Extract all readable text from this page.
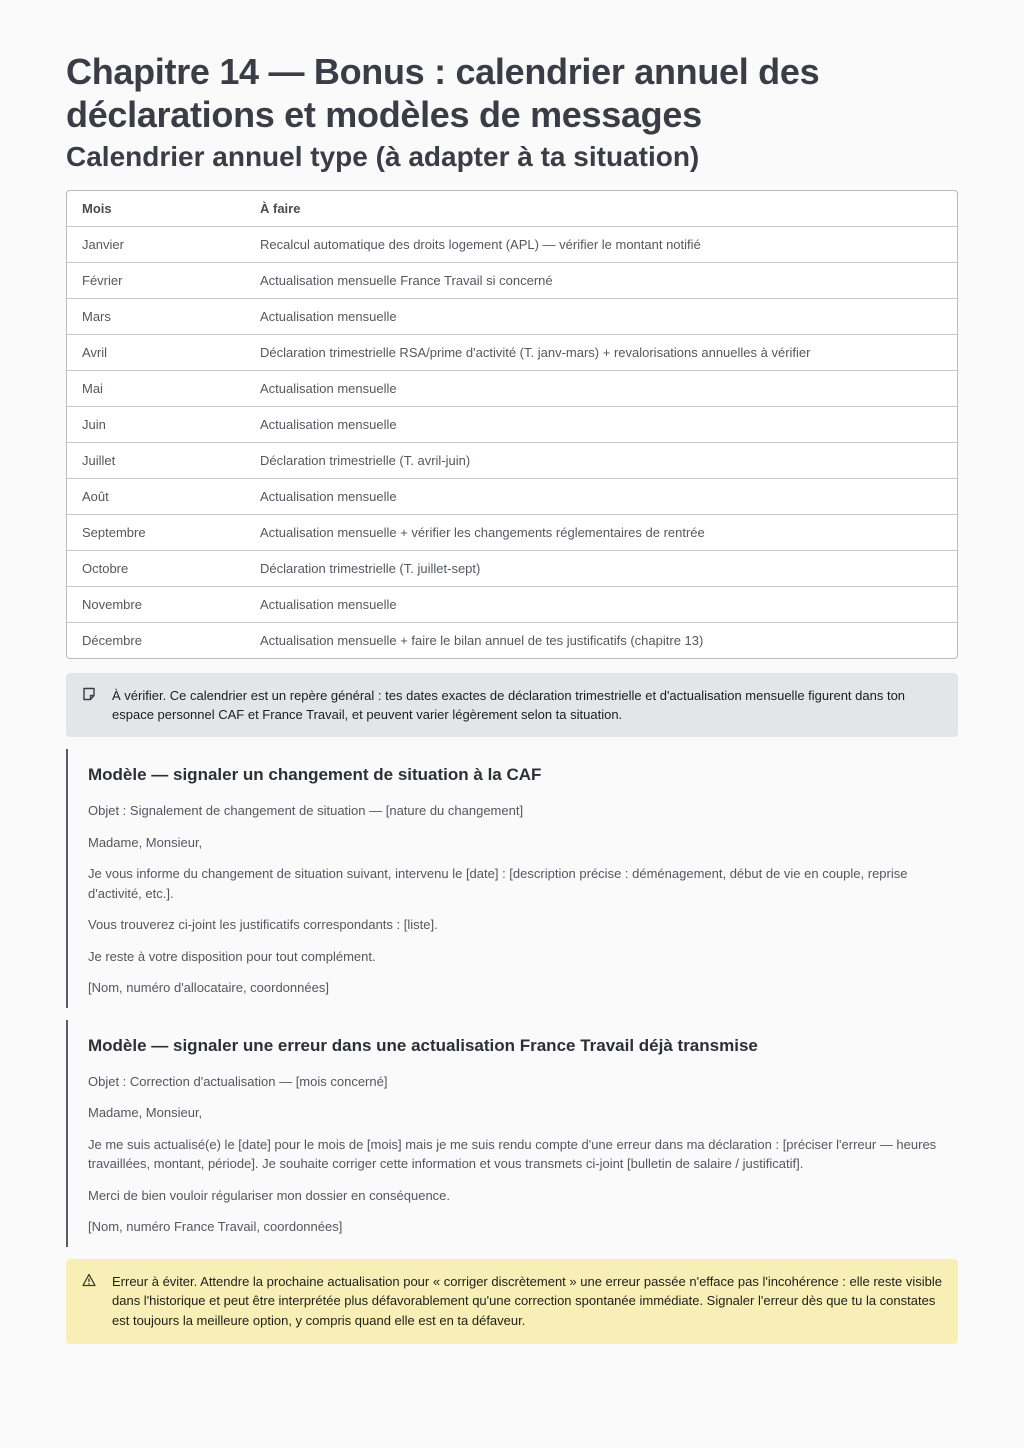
Chapitre 14 — Bonus : calendrier annuel des déclarations et modèles de messages
Calendrier annuel type (à adapter à ta situation)
Mois	À faire
Janvier	Recalcul automatique des droits logement (APL) — vérifier le montant notifié
Février	Actualisation mensuelle France Travail si concerné
Mars	Actualisation mensuelle
Avril	Déclaration trimestrielle RSA/prime d'activité (T. janv-mars) + revalorisations annuelles à vérifier
Mai	Actualisation mensuelle
Juin	Actualisation mensuelle
Juillet	Déclaration trimestrielle (T. avril-juin)
Août	Actualisation mensuelle
Septembre	Actualisation mensuelle + vérifier les changements réglementaires de rentrée
Octobre	Déclaration trimestrielle (T. juillet-sept)
Novembre	Actualisation mensuelle
Décembre	Actualisation mensuelle + faire le bilan annuel de tes justificatifs (chapitre 13)
À vérifier. Ce calendrier est un repère général : tes dates exactes de déclaration trimestrielle et d'actualisation mensuelle figurent dans ton espace personnel CAF et France Travail, et peuvent varier légèrement selon ta situation.
Modèle — signaler un changement de situation à la CAF

Objet : Signalement de changement de situation — [nature du changement]

Madame, Monsieur,

Je vous informe du changement de situation suivant, intervenu le [date] : [description précise : déménagement, début de vie en couple, reprise d'activité, etc.].

Vous trouverez ci-joint les justificatifs correspondants : [liste].

Je reste à votre disposition pour tout complément.

[Nom, numéro d'allocataire, coordonnées]

Modèle — signaler une erreur dans une actualisation France Travail déjà transmise

Objet : Correction d'actualisation — [mois concerné]

Madame, Monsieur,

Je me suis actualisé(e) le [date] pour le mois de [mois] mais je me suis rendu compte d'une erreur dans ma déclaration : [préciser l'erreur — heures travaillées, montant, période]. Je souhaite corriger cette information et vous transmets ci-joint [bulletin de salaire / justificatif].

Merci de bien vouloir régulariser mon dossier en conséquence.

[Nom, numéro France Travail, coordonnées]

Erreur à éviter. Attendre la prochaine actualisation pour « corriger discrètement » une erreur passée n'efface pas l'incohérence : elle reste visible dans l'historique et peut être interprétée plus défavorablement qu'une correction spontanée immédiate. Signaler l'erreur dès que tu la constates est toujours la meilleure option, y compris quand elle est en ta défaveur.
